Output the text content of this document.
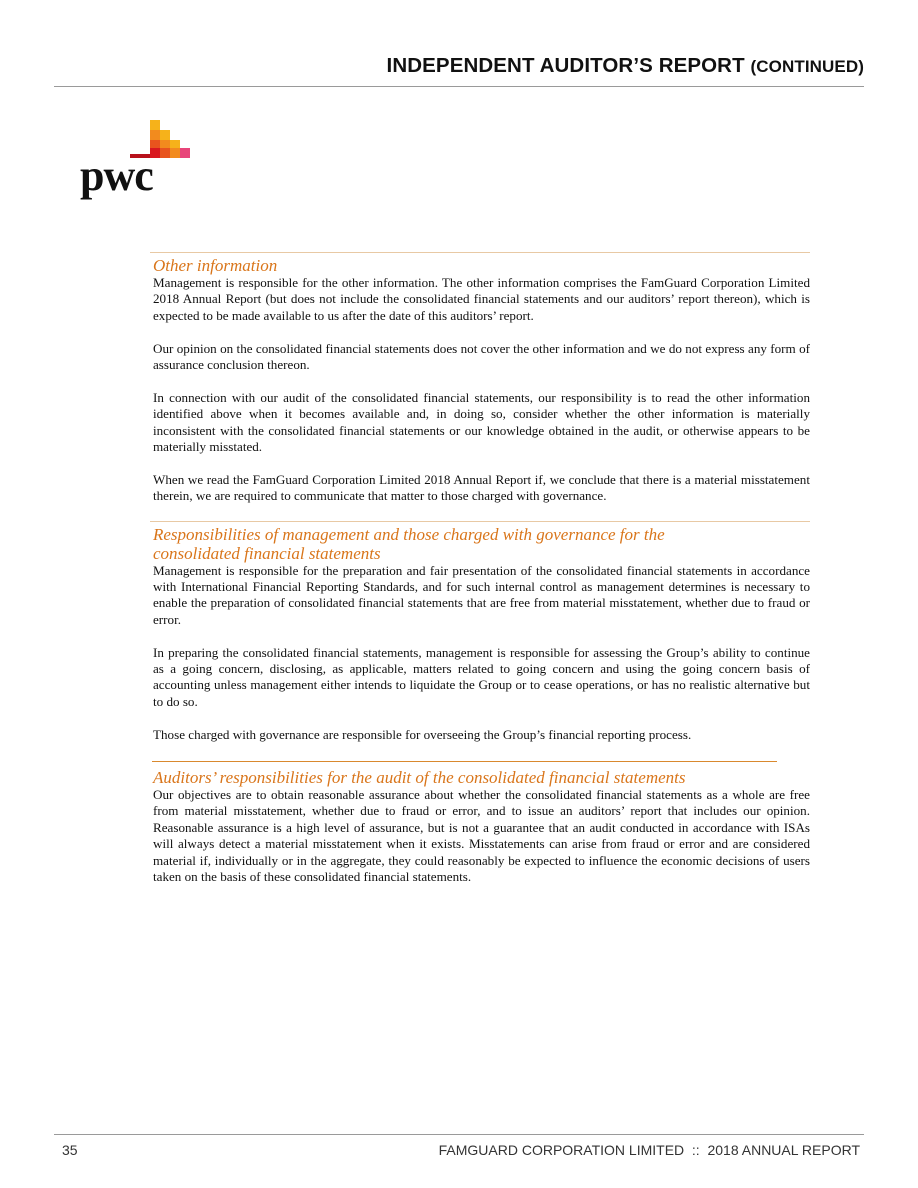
INDEPENDENT AUDITOR’S REPORT (CONTINUED)
pwc
Other information

Management is responsible for the other information. The other information comprises the FamGuard Corporation Limited 2018 Annual Report (but does not include the consolidated financial statements and our auditors’ report thereon), which is expected to be made available to us after the date of this auditors’ report.

Our opinion on the consolidated financial statements does not cover the other information and we do not express any form of assurance conclusion thereon.

In connection with our audit of the consolidated financial statements, our responsibility is to read the other information identified above when it becomes available and, in doing so, consider whether the other information is materially inconsistent with the consolidated financial statements or our knowledge obtained in the audit, or otherwise appears to be materially misstated.

When we read the FamGuard Corporation Limited 2018 Annual Report if, we conclude that there is a material misstatement therein, we are required to communicate that matter to those charged with governance.

Responsibilities of management and those charged with governance for the
consolidated financial statements

Management is responsible for the preparation and fair presentation of the consolidated financial statements in accordance with International Financial Reporting Standards, and for such internal control as management determines is necessary to enable the preparation of consolidated financial statements that are free from material misstatement, whether due to fraud or error.

In preparing the consolidated financial statements, management is responsible for assessing the Group’s ability to continue as a going concern, disclosing, as applicable, matters related to going concern and using the going concern basis of accounting unless management either intends to liquidate the Group or to cease operations, or has no realistic alternative but to do so.

Those charged with governance are responsible for overseeing the Group’s financial reporting process.

Auditors’ responsibilities for the audit of the consolidated financial statements

Our objectives are to obtain reasonable assurance about whether the consolidated financial statements as a whole are free from material misstatement, whether due to fraud or error, and to issue an auditors’ report that includes our opinion. Reasonable assurance is a high level of assurance, but is not a guarantee that an audit conducted in accordance with ISAs will always detect a material misstatement when it exists. Misstatements can arise from fraud or error and are considered material if, individually or in the aggregate, they could reasonably be expected to influence the economic decisions of users taken on the basis of these consolidated financial statements.

35	FAMGUARD CORPORATION LIMITED  ::  2018 ANNUAL REPORT
